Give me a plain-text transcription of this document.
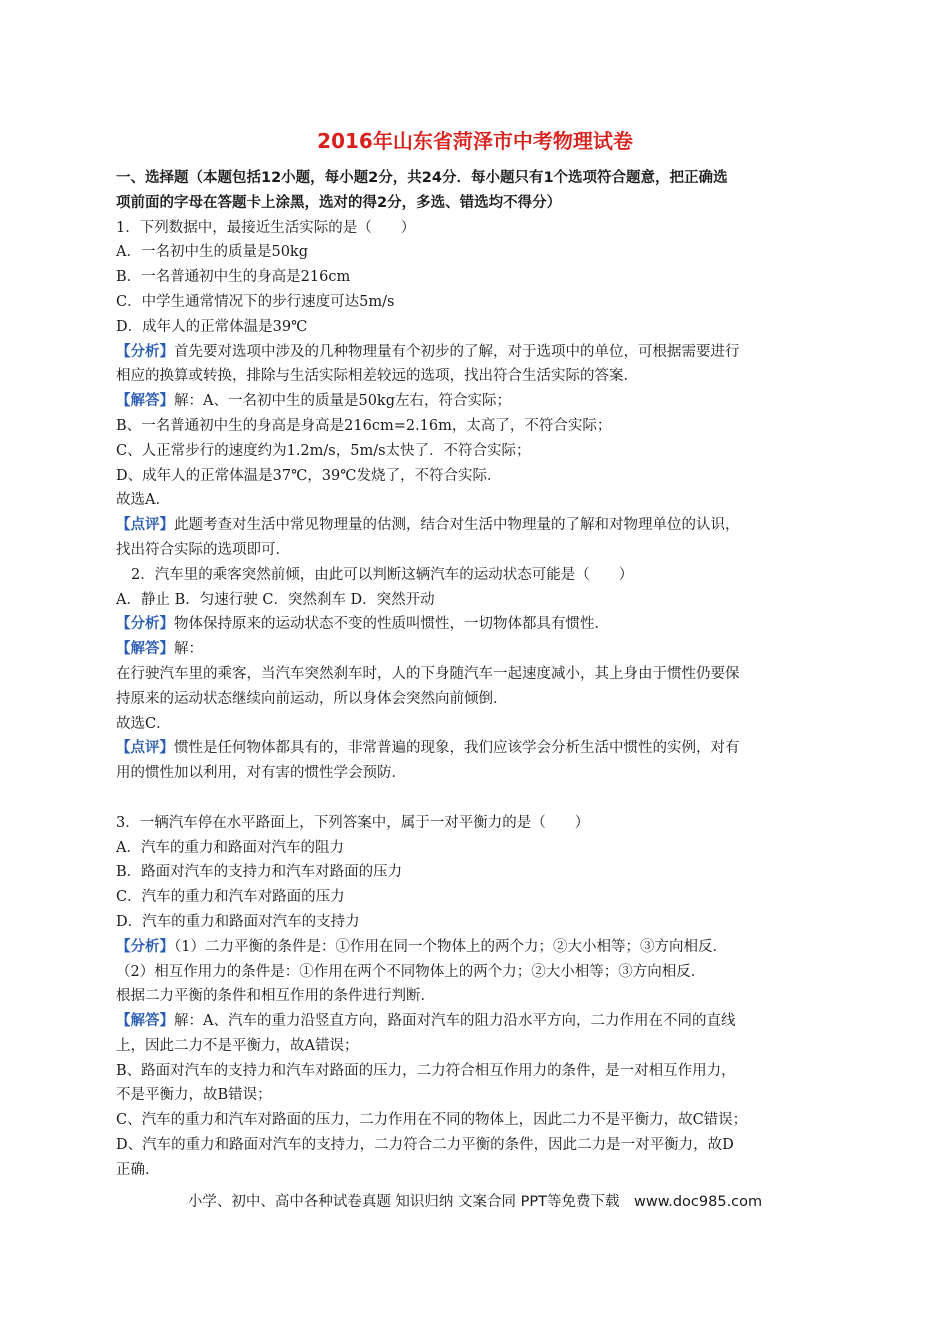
2016年山东省菏泽市中考物理试卷
一、选择题（本题包括12小题，每小题2分，共24分．每小题只有1个选项符合题意，把正确选
项前面的字母在答题卡上涂黑，选对的得2分，多选、错选均不得分）
1．下列数据中，最接近生活实际的是（　　）
A．一名初中生的质量是50kg
B．一名普通初中生的身高是216cm
C．中学生通常情况下的步行速度可达5m/s
D．成年人的正常体温是39℃
【分析】首先要对选项中涉及的几种物理量有个初步的了解，对于选项中的单位，可根据需要进行
相应的换算或转换，排除与生活实际相差较远的选项，找出符合生活实际的答案．
【解答】解：A、一名初中生的质量是50kg左右，符合实际；
B、一名普通初中生的身高是身高是216cm=2.16m，太高了，不符合实际；
C、人正常步行的速度约为1.2m/s，5m/s太快了．不符合实际；
D、成年人的正常体温是37℃，39℃发烧了，不符合实际．
故选A．
【点评】此题考查对生活中常见物理量的估测，结合对生活中物理量的了解和对物理单位的认识，
找出符合实际的选项即可．
2．汽车里的乘客突然前倾，由此可以判断这辆汽车的运动状态可能是（　　）
A．静止 B．匀速行驶 C．突然刹车 D．突然开动
【分析】物体保持原来的运动状态不变的性质叫惯性，一切物体都具有惯性．
【解答】解：
在行驶汽车里的乘客，当汽车突然刹车时，人的下身随汽车一起速度减小，其上身由于惯性仍要保
持原来的运动状态继续向前运动，所以身体会突然向前倾倒．
故选C．
【点评】惯性是任何物体都具有的，非常普遍的现象，我们应该学会分析生活中惯性的实例，对有
用的惯性加以利用，对有害的惯性学会预防．
3．一辆汽车停在水平路面上，下列答案中，属于一对平衡力的是（　　）
A．汽车的重力和路面对汽车的阻力
B．路面对汽车的支持力和汽车对路面的压力
C．汽车的重力和汽车对路面的压力
D．汽车的重力和路面对汽车的支持力
【分析】（1）二力平衡的条件是：①作用在同一个物体上的两个力；②大小相等；③方向相反．
（2）相互作用力的条件是：①作用在两个不同物体上的两个力；②大小相等；③方向相反．
根据二力平衡的条件和相互作用的条件进行判断．
【解答】解：A、汽车的重力沿竖直方向，路面对汽车的阻力沿水平方向，二力作用在不同的直线
上，因此二力不是平衡力，故A错误；
B、路面对汽车的支持力和汽车对路面的压力，二力符合相互作用力的条件，是一对相互作用力，
不是平衡力，故B错误；
C、汽车的重力和汽车对路面的压力，二力作用在不同的物体上，因此二力不是平衡力，故C错误；
D、汽车的重力和路面对汽车的支持力，二力符合二力平衡的条件，因此二力是一对平衡力，故D
正确．
小学、初中、高中各种试卷真题 知识归纳 文案合同 PPT等免费下载　www.doc985.com
